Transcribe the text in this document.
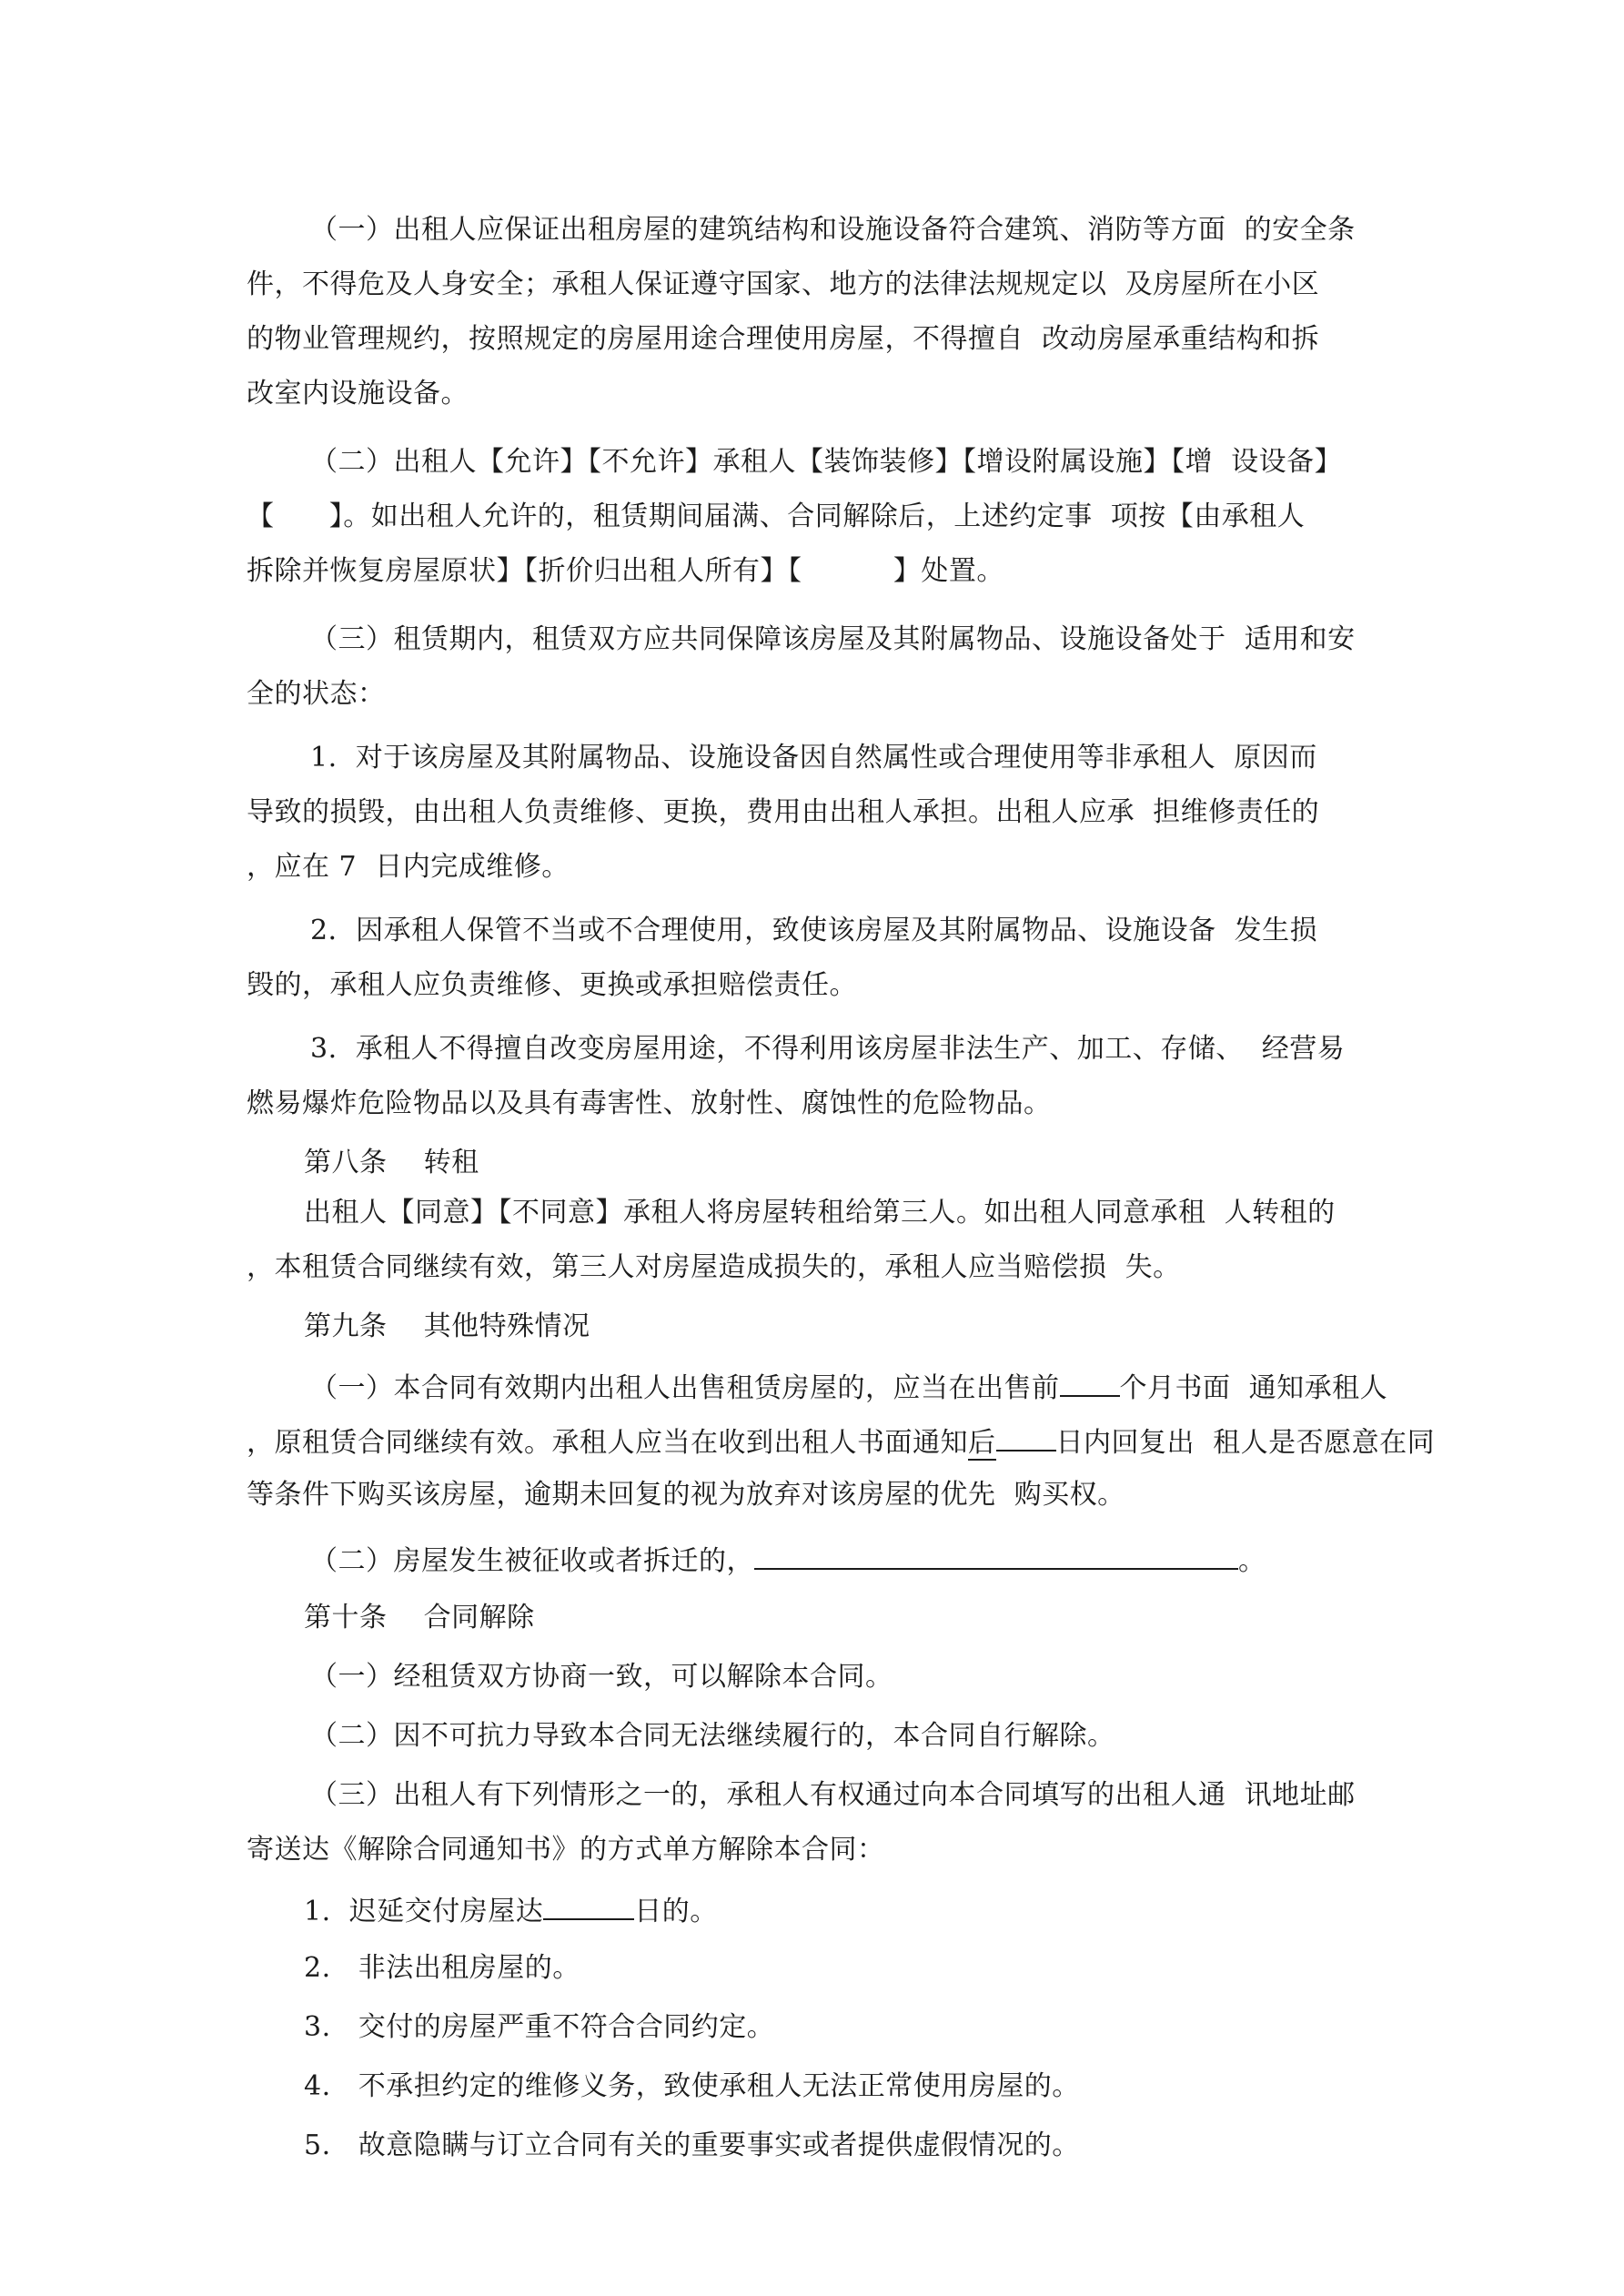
（一）出租人应保证出租房屋的建筑结构和设施设备符合建筑、消防等方面  的安全条
件，不得危及人身安全；承租人保证遵守国家、地方的法律法规规定以  及房屋所在小区
的物业管理规约，按照规定的房屋用途合理使用房屋，不得擅自  改动房屋承重结构和拆
改室内设施设备。
（二）出租人【允许】【不允许】承租人【装饰装修】【增设附属设施】【增  设设备】
【      】。如出租人允许的，租赁期间届满、合同解除后，上述约定事  项按【由承租人
拆除并恢复房屋原状】【折价归出租人所有】【          】处置。
（三）租赁期内，租赁双方应共同保障该房屋及其附属物品、设施设备处于  适用和安
全的状态：
1.  对于该房屋及其附属物品、设施设备因自然属性或合理使用等非承租人  原因而
导致的损毁，由出租人负责维修、更换，费用由出租人承担。出租人应承  担维修责任的
，应在 7  日内完成维修。
2．因承租人保管不当或不合理使用，致使该房屋及其附属物品、设施设备  发生损
毁的，承租人应负责维修、更换或承担赔偿责任。
3.  承租人不得擅自改变房屋用途，不得利用该房屋非法生产、加工、存储、  经营易
燃易爆炸危险物品以及具有毒害性、放射性、腐蚀性的危险物品。
第八条    转租
出租人【同意】【不同意】承租人将房屋转租给第三人。如出租人同意承租  人转租的
，本租赁合同继续有效，第三人对房屋造成损失的，承租人应当赔偿损  失。
第九条    其他特殊情况
（一）本合同有效期内出租人出售租赁房屋的，应当在出售前 个月书面  通知承租人
，原租赁合同继续有效。承租人应当在收到出租人书面通知后 日内回复出  租人是否愿意在同
等条件下购买该房屋，逾期未回复的视为放弃对该房屋的优先  购买权。
（二）房屋发生被征收或者拆迁的，	。
第十条    合同解除
（一）经租赁双方协商一致，可以解除本合同。
（二）因不可抗力导致本合同无法继续履行的，本合同自行解除。
（三）出租人有下列情形之一的，承租人有权通过向本合同填写的出租人通  讯地址邮
寄送达《解除合同通知书》的方式单方解除本合同：
1.  迟延交付房屋达	日的。
2.   非法出租房屋的。
3.   交付的房屋严重不符合合同约定。
4.   不承担约定的维修义务，致使承租人无法正常使用房屋的。
5.   故意隐瞒与订立合同有关的重要事实或者提供虚假情况的。
